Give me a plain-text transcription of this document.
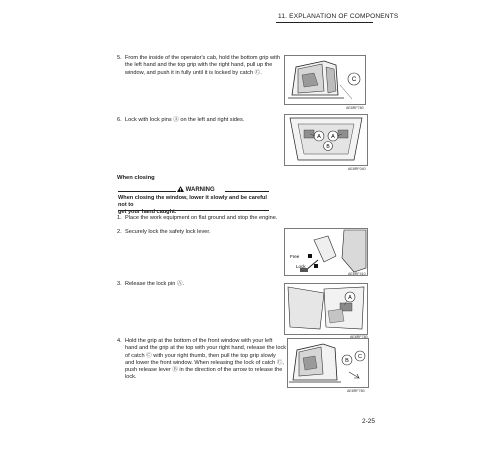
11. EXPLANATION OF COMPONENTS
5. From the inside of the operator's cab, hold the bottom grip with
the left hand and the top grip with the right hand, pull up the
window, and push it in fully until it is locked by catch Ⓒ.
C
AE8RF780
6. Lock with lock pins Ⓐ on the left and right sides.
A A
B
AE8RF040
When closing
WARNING
When closing the window, lower it slowly and be careful not to
get your hand caught.
1. Place the work equipment on flat ground and stop the engine.
2. Securely lock the safety lock lever.
Free
Lock
AE8RF410
3. Release the lock pin Ⓐ.
A
AE8RF780
4. Hold the grip at the bottom of the front window with your left
hand and the grip at the top with your right hand, release the lock
of catch Ⓒ with your right thumb, then pull the top grip slowly
and lower the front window. When releasing the lock of catch Ⓒ,
push release lever Ⓑ in the direction of the arrow to release the
lock.
B
C
AE8RF780
2-25
